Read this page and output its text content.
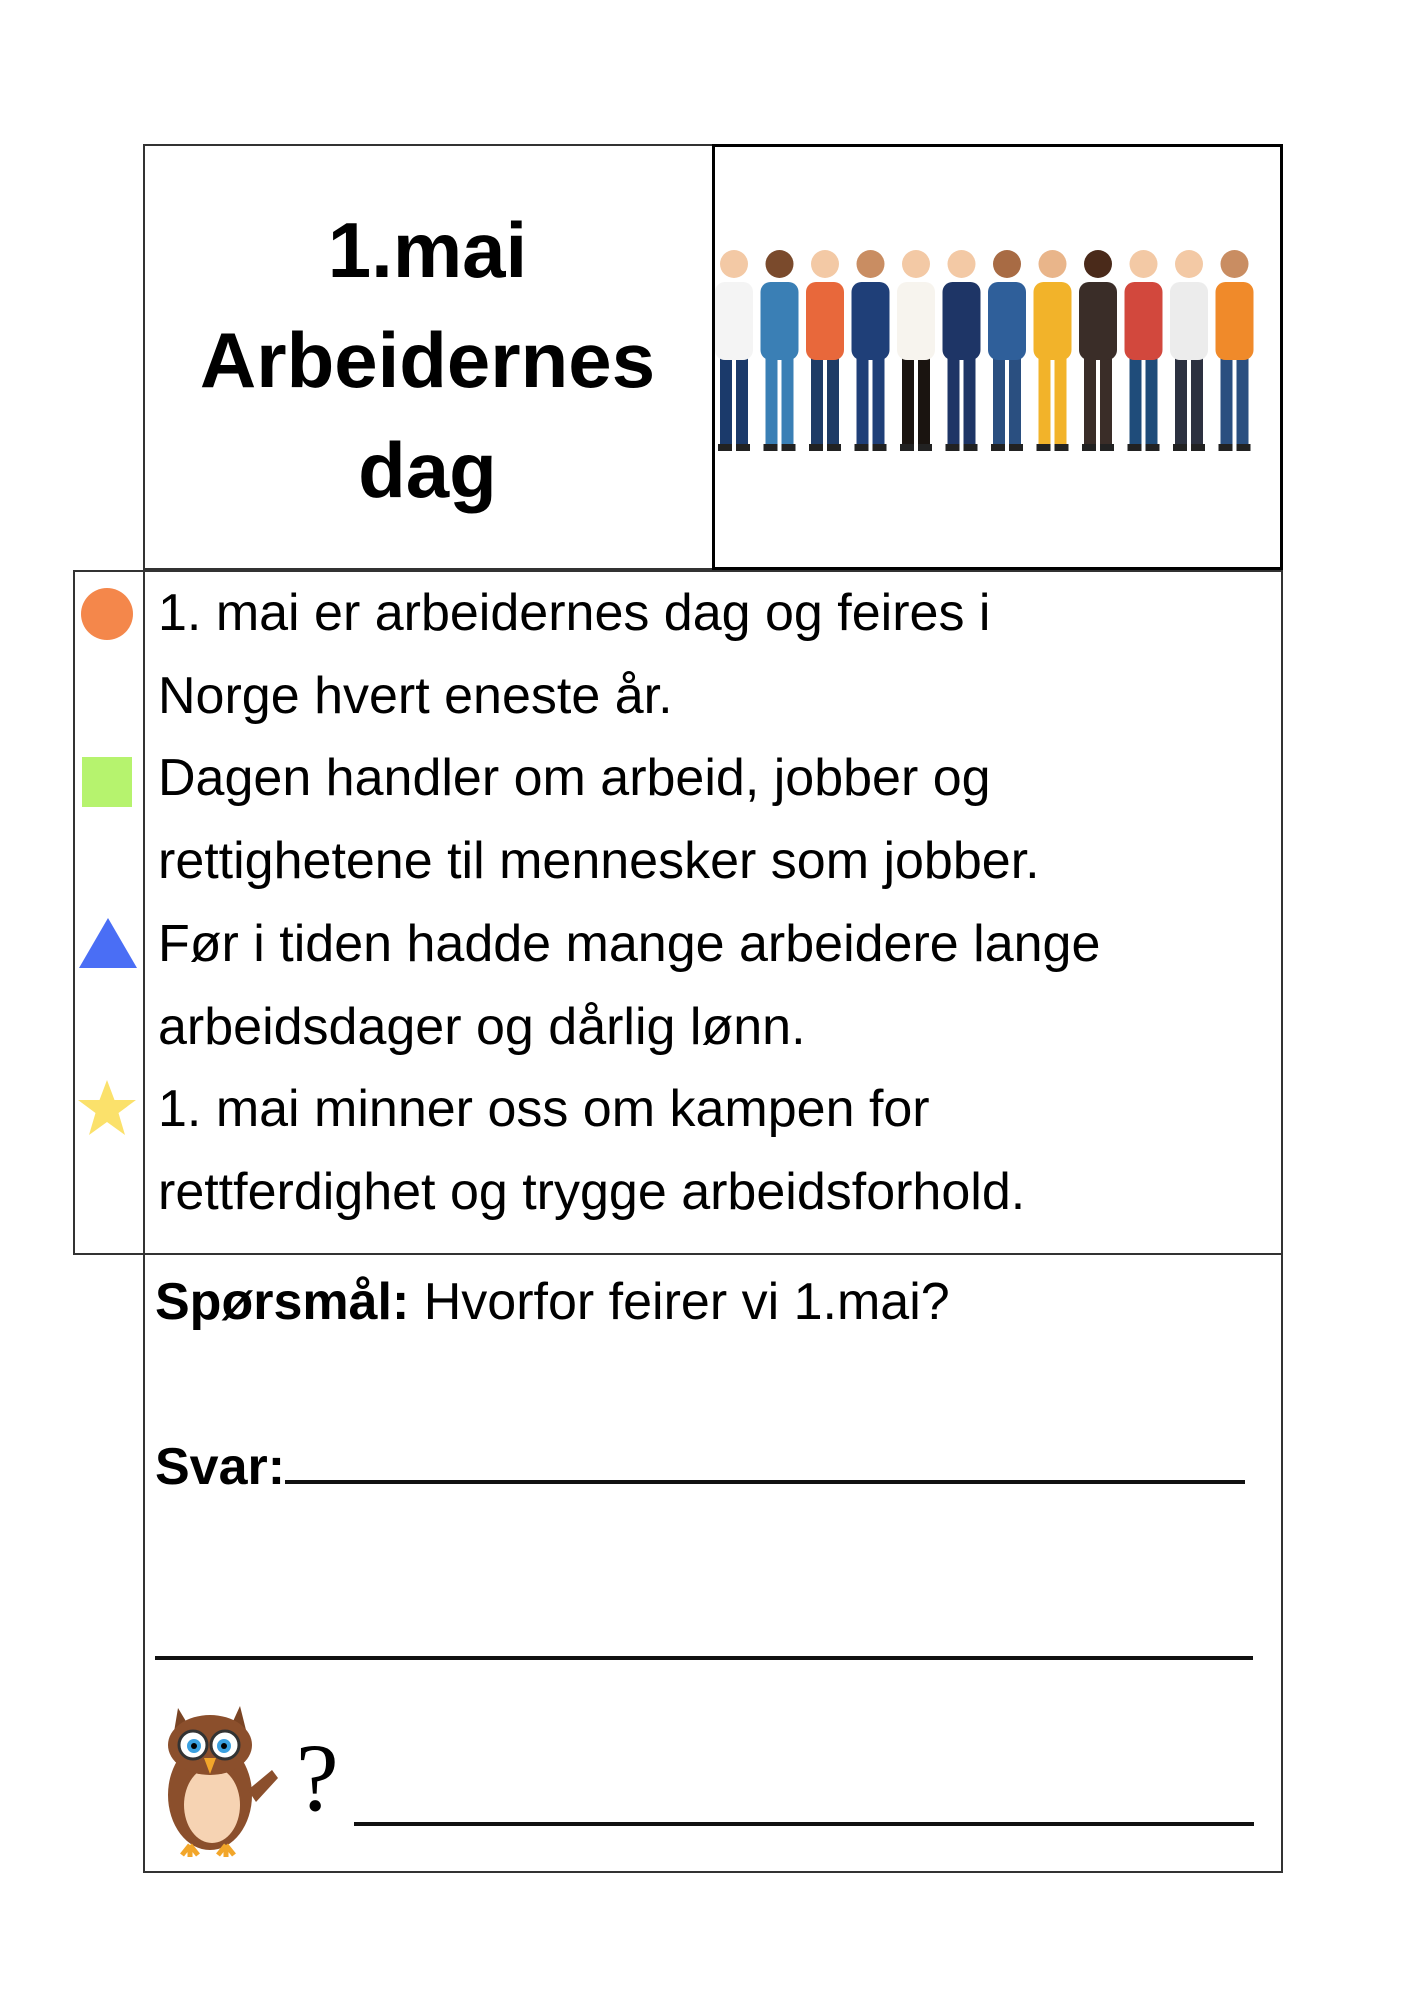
1.mai
Arbeidernes
dag
1. mai er arbeidernes dag og feires i
Norge hvert eneste år.
Dagen handler om arbeid, jobber og
rettighetene til mennesker som jobber.
Før i tiden hadde mange arbeidere lange
arbeidsdager og dårlig lønn.
1. mai minner oss om kampen for
rettferdighet og trygge arbeidsforhold.
Spørsmål: Hvorfor feirer vi 1.mai?
Svar:
?
